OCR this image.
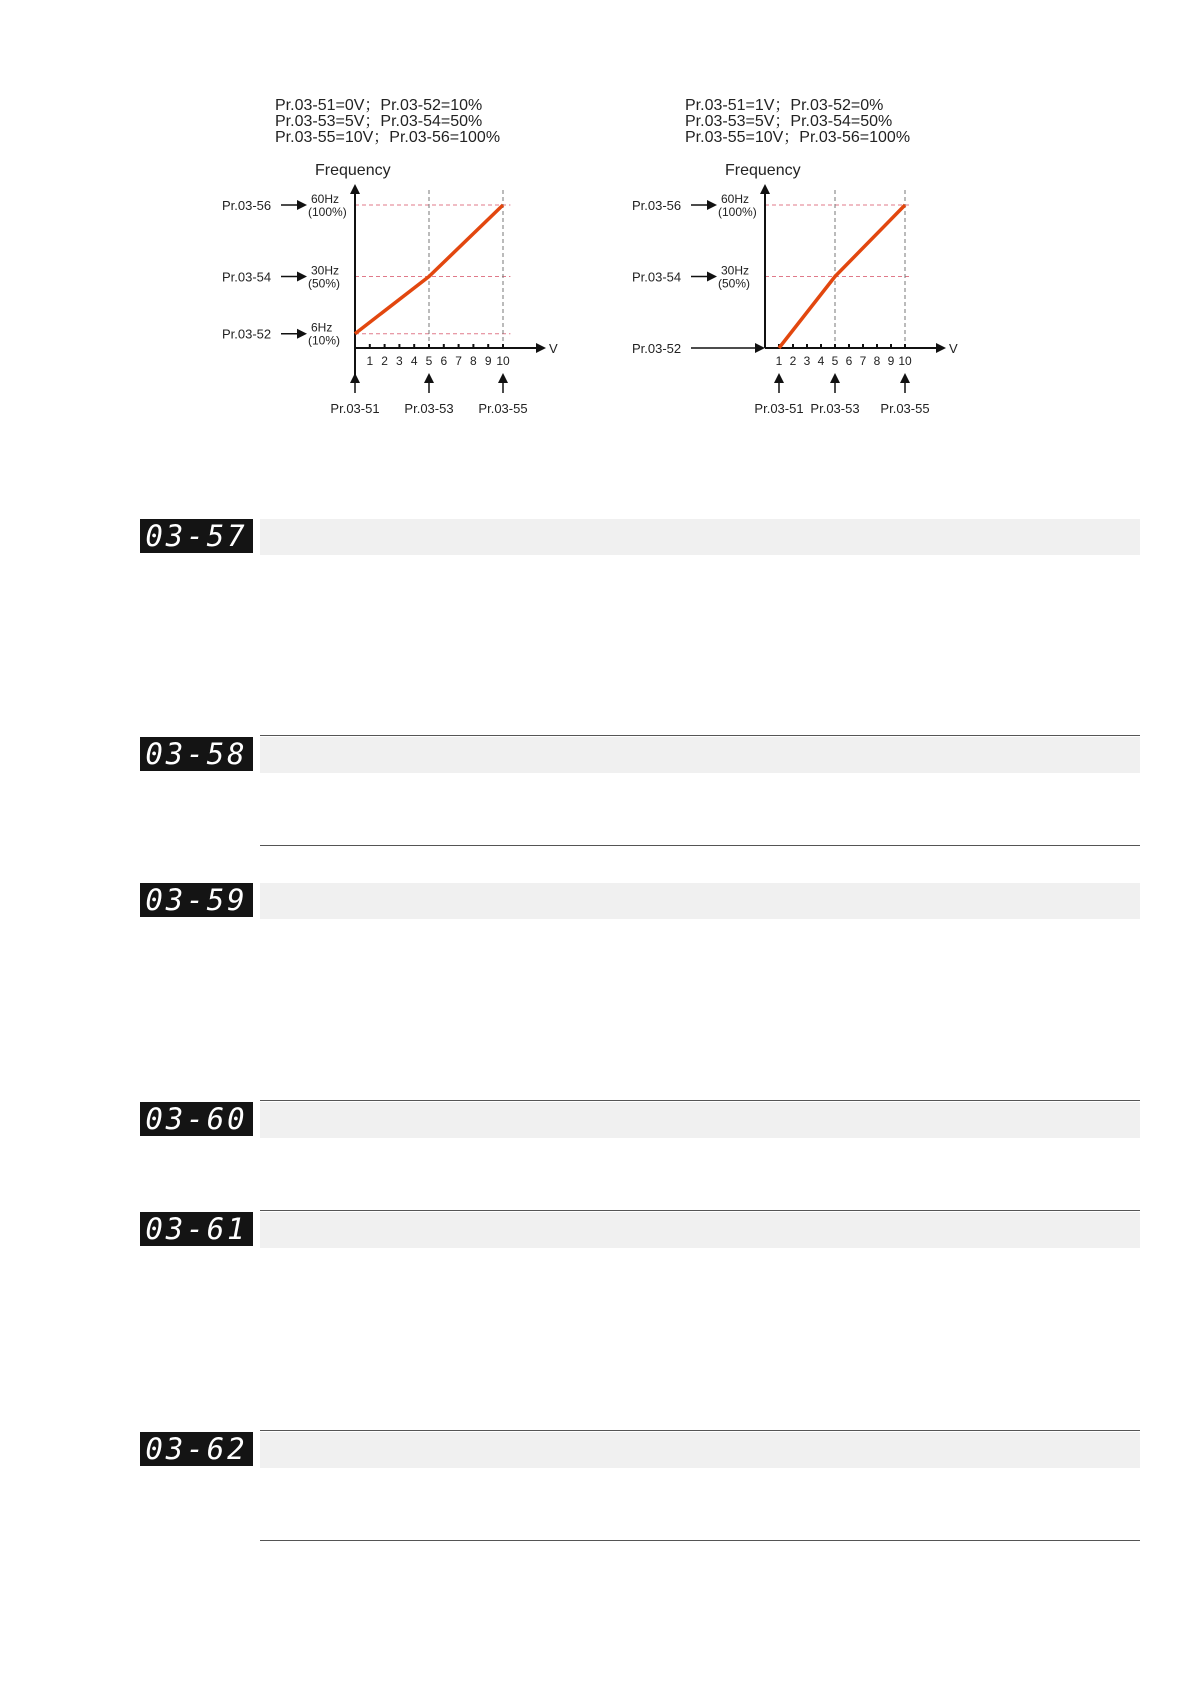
Pr.03-51=0V；Pr.03-52=10%
Pr.03-53=5V；Pr.03-54=50%
Pr.03-55=10V；Pr.03-56=100%
Frequency
V
1 2 3 4 5 6 7 8 9 10
Pr.03-56	60Hz
(100%)
Pr.03-54	30Hz
(50%)
Pr.03-52	6Hz
(10%)
Pr.03-51 Pr.03-53 Pr.03-55
Pr.03-51=1V；Pr.03-52=0%
Pr.03-53=5V；Pr.03-54=50%
Pr.03-55=10V；Pr.03-56=100%
Frequency
V
1 2 3 4 5 6 7 8 9 10
Pr.03-56	60Hz
(100%)
Pr.03-54	30Hz
(50%)
Pr.03-52
Pr.03-51 Pr.03-53 Pr.03-55
03-57
03-58
03-59
03-60
03-61
03-62
